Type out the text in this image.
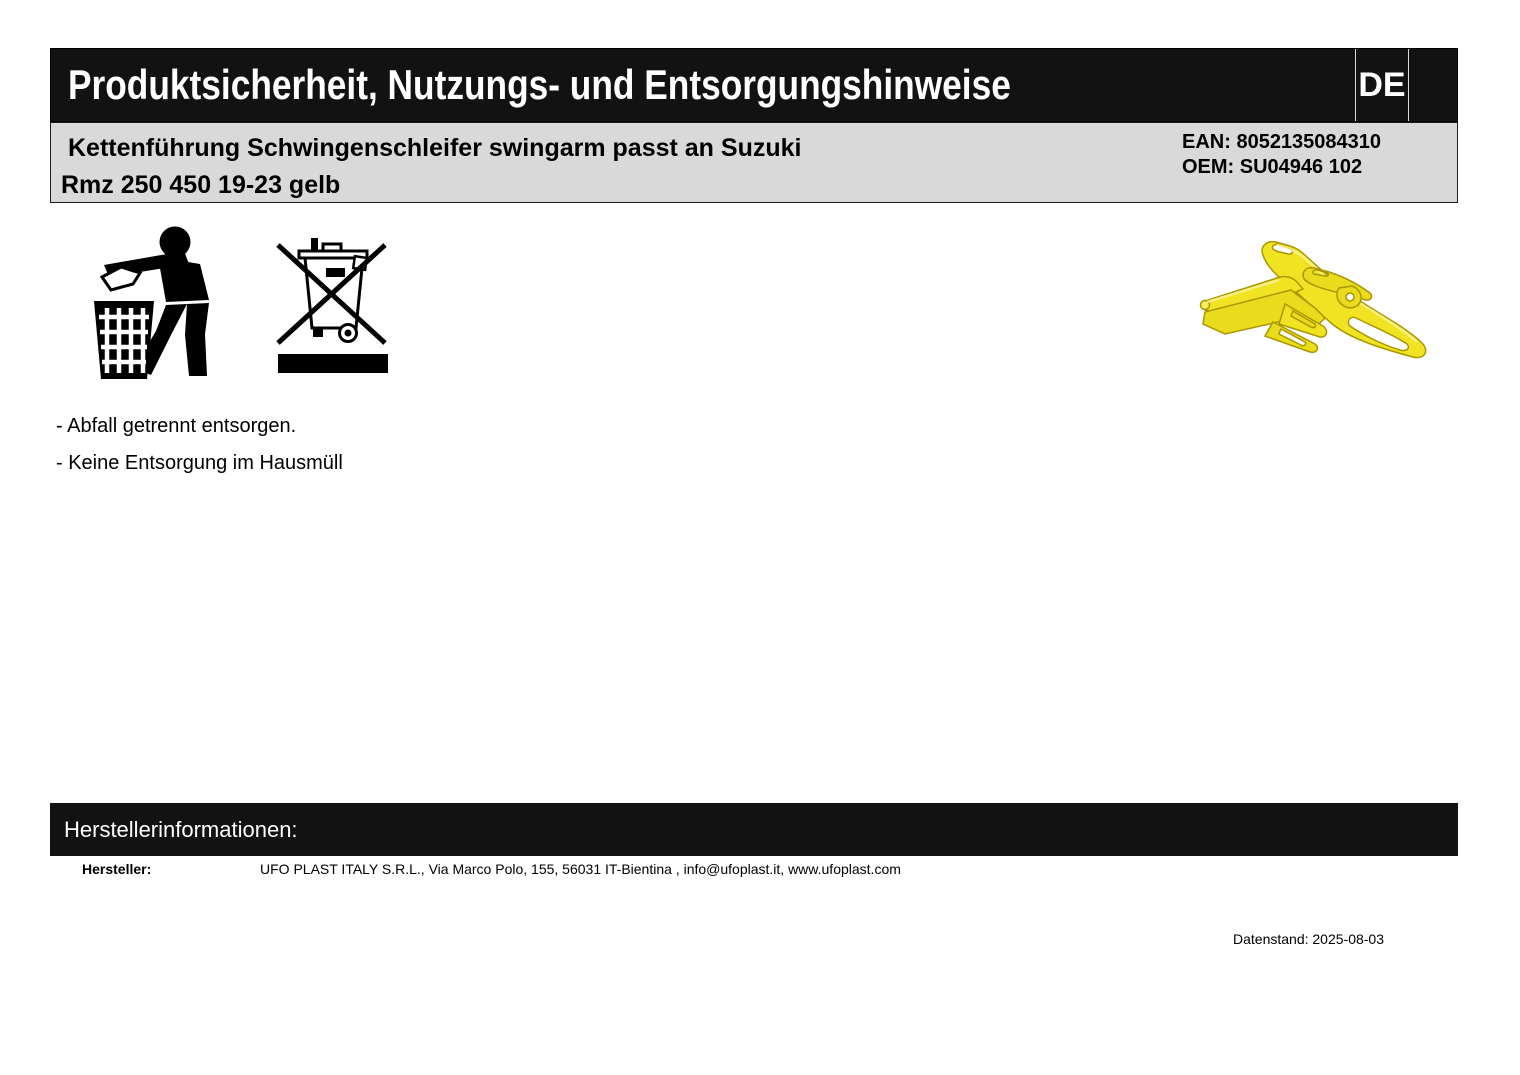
Produktsicherheit, Nutzungs- und Entsorgungshinweise	DE
Kettenführung Schwingenschleifer swingarm passt an Suzuki
Rmz 250 450 19-23 gelb
EAN: 8052135084310
OEM: SU04946 102
- Abfall getrennt entsorgen.
- Keine Entsorgung im Hausmüll
Herstellerinformationen:
Hersteller:	UFO PLAST ITALY S.R.L., Via Marco Polo, 155, 56031 IT-Bientina , info@ufoplast.it, www.ufoplast.com
Datenstand: 2025-08-03
